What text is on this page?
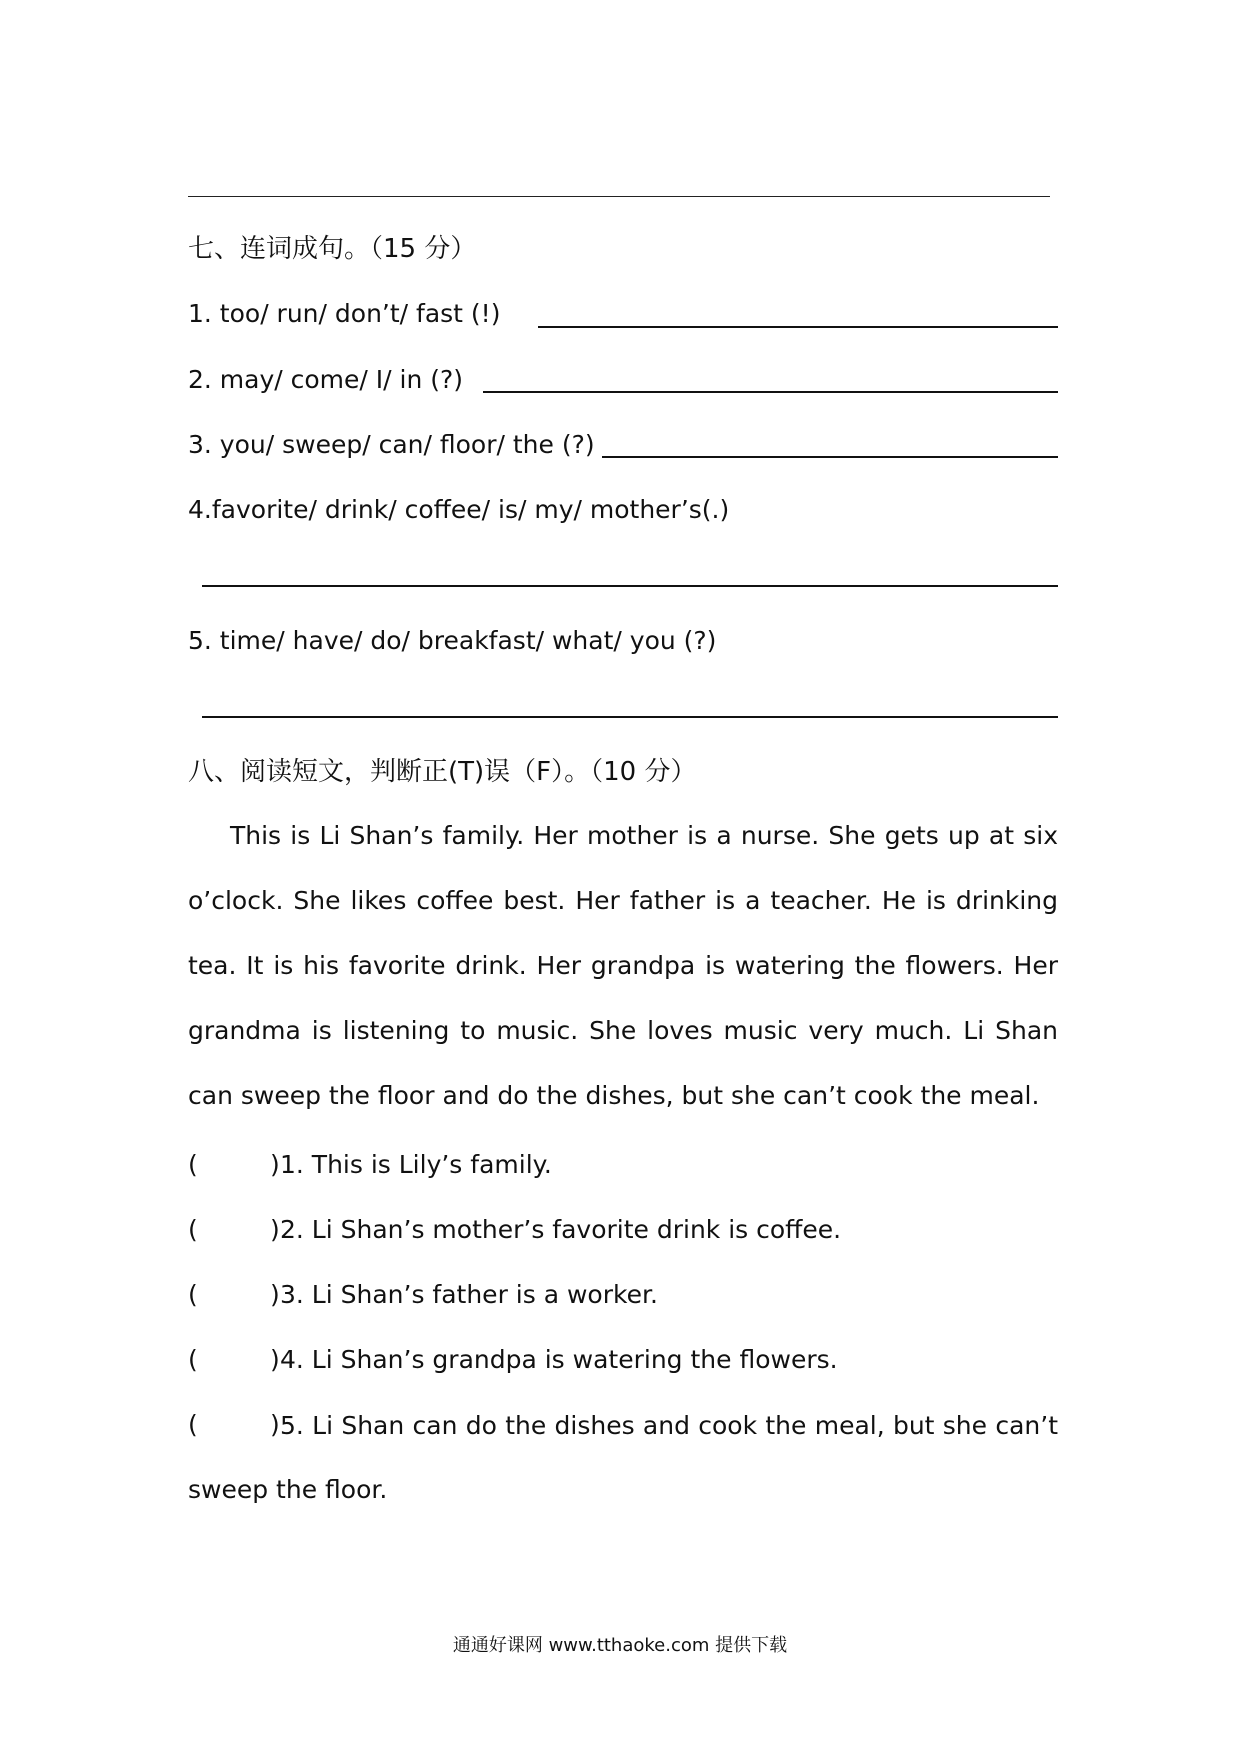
七、连词成句。（15 分）
1. too/ run/ don’t/ fast (!)
2. may/ come/ I/ in (?)
3. you/ sweep/ can/ floor/ the (?)
4.favorite/ drink/ coffee/ is/ my/ mother’s(.)
5. time/ have/ do/ breakfast/ what/ you (?)
八、阅读短文，判断正(T)误（F）。（10 分）

This is Li Shan’s family. Her mother is a nurse. She gets up at six o’clock. She likes coffee best. Her father is a teacher. He is drinking tea. It is his favorite drink. Her grandpa is watering the flowers. Her grandma is listening to music. She loves music very much. Li Shan can sweep the floor and do the dishes, but she can’t cook the meal.

(	) 1. This is Lily’s family.
(	) 2. Li Shan’s mother’s favorite drink is coffee.
(	) 3. Li Shan’s father is a worker.
(	) 4. Li Shan’s grandpa is watering the flowers.
(	) 5. Li Shan can do the dishes and cook the meal, but she can’t
sweep the floor.
通通好课网 www.tthaoke.com 提供下载
